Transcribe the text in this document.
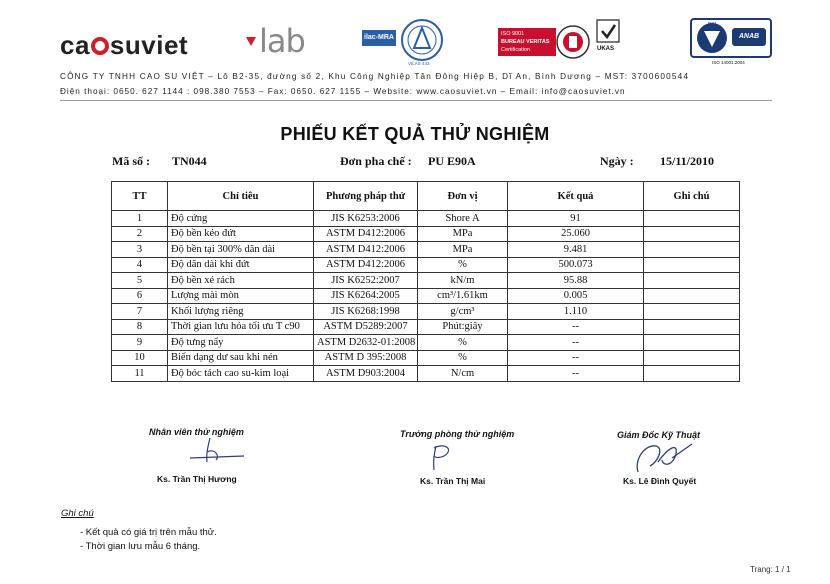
ca suviet	lab	ilac-MRA
VILAS 443
ISO 9001
BUREAU VERITAS
Certification	UKAS
BSI
ANAB
ISO 14001:2004
CÔNG TY TNHH CAO SU VIỆT – Lô B2-35, đường số 2, Khu Công Nghiệp Tân Đông Hiệp B, Dĩ An, Bình Dương – MST: 3700600544
Điện thoại: 0650. 627 1144 : 098.380 7553 – Fax: 0650. 627 1155 – Website: www.caosuviet.vn – Email: info@caosuviet.vn
PHIẾU KẾT QUẢ THỬ NGHIỆM
Mã số : TN044	Đơn pha chế : PU E90A	Ngày : 15/11/2010
TT	Chỉ tiêu	Phương pháp thử	Đơn vị	Kết quả	Ghi chú
1	Độ cứng	JIS K6253:2006	Shore A	91	
2	Độ bền kéo đứt	ASTM D412:2006	MPa	25.060	
3	Độ bền tại 300% dãn dài	ASTM D412:2006	MPa	9.481	
4	Độ dãn dài khi đứt	ASTM D412:2006	%	500.073	
5	Độ bền xé rách	JIS K6252:2007	kN/m	95.88	
6	Lượng mài mòn	JIS K6264:2005	cm³/1.61km	0.005	
7	Khối lượng riêng	JIS K6268:1998	g/cm³	1.110	
8	Thời gian lưu hóa tối ưu T c90	ASTM D5289:2007	Phút:giây	--	
9	Độ tưng nẩy	ASTM D2632-01:2008	%	--	
10	Biến dạng dư sau khi nén	ASTM D 395:2008	%	--	
11	Độ bóc tách cao su-kim loại	ASTM D903:2004	N/cm	--	
Nhân viên thử nghiệm
Ks. Trần Thị Hương
Trưởng phòng thử nghiệm
Ks. Trần Thị Mai
Giám Đốc Kỹ Thuật
Ks. Lê Đình Quyết
Ghi chú
- Kết quả có giá trị trên mẫu thử.
- Thời gian lưu mẫu 6 tháng.
Trang: 1 / 1
